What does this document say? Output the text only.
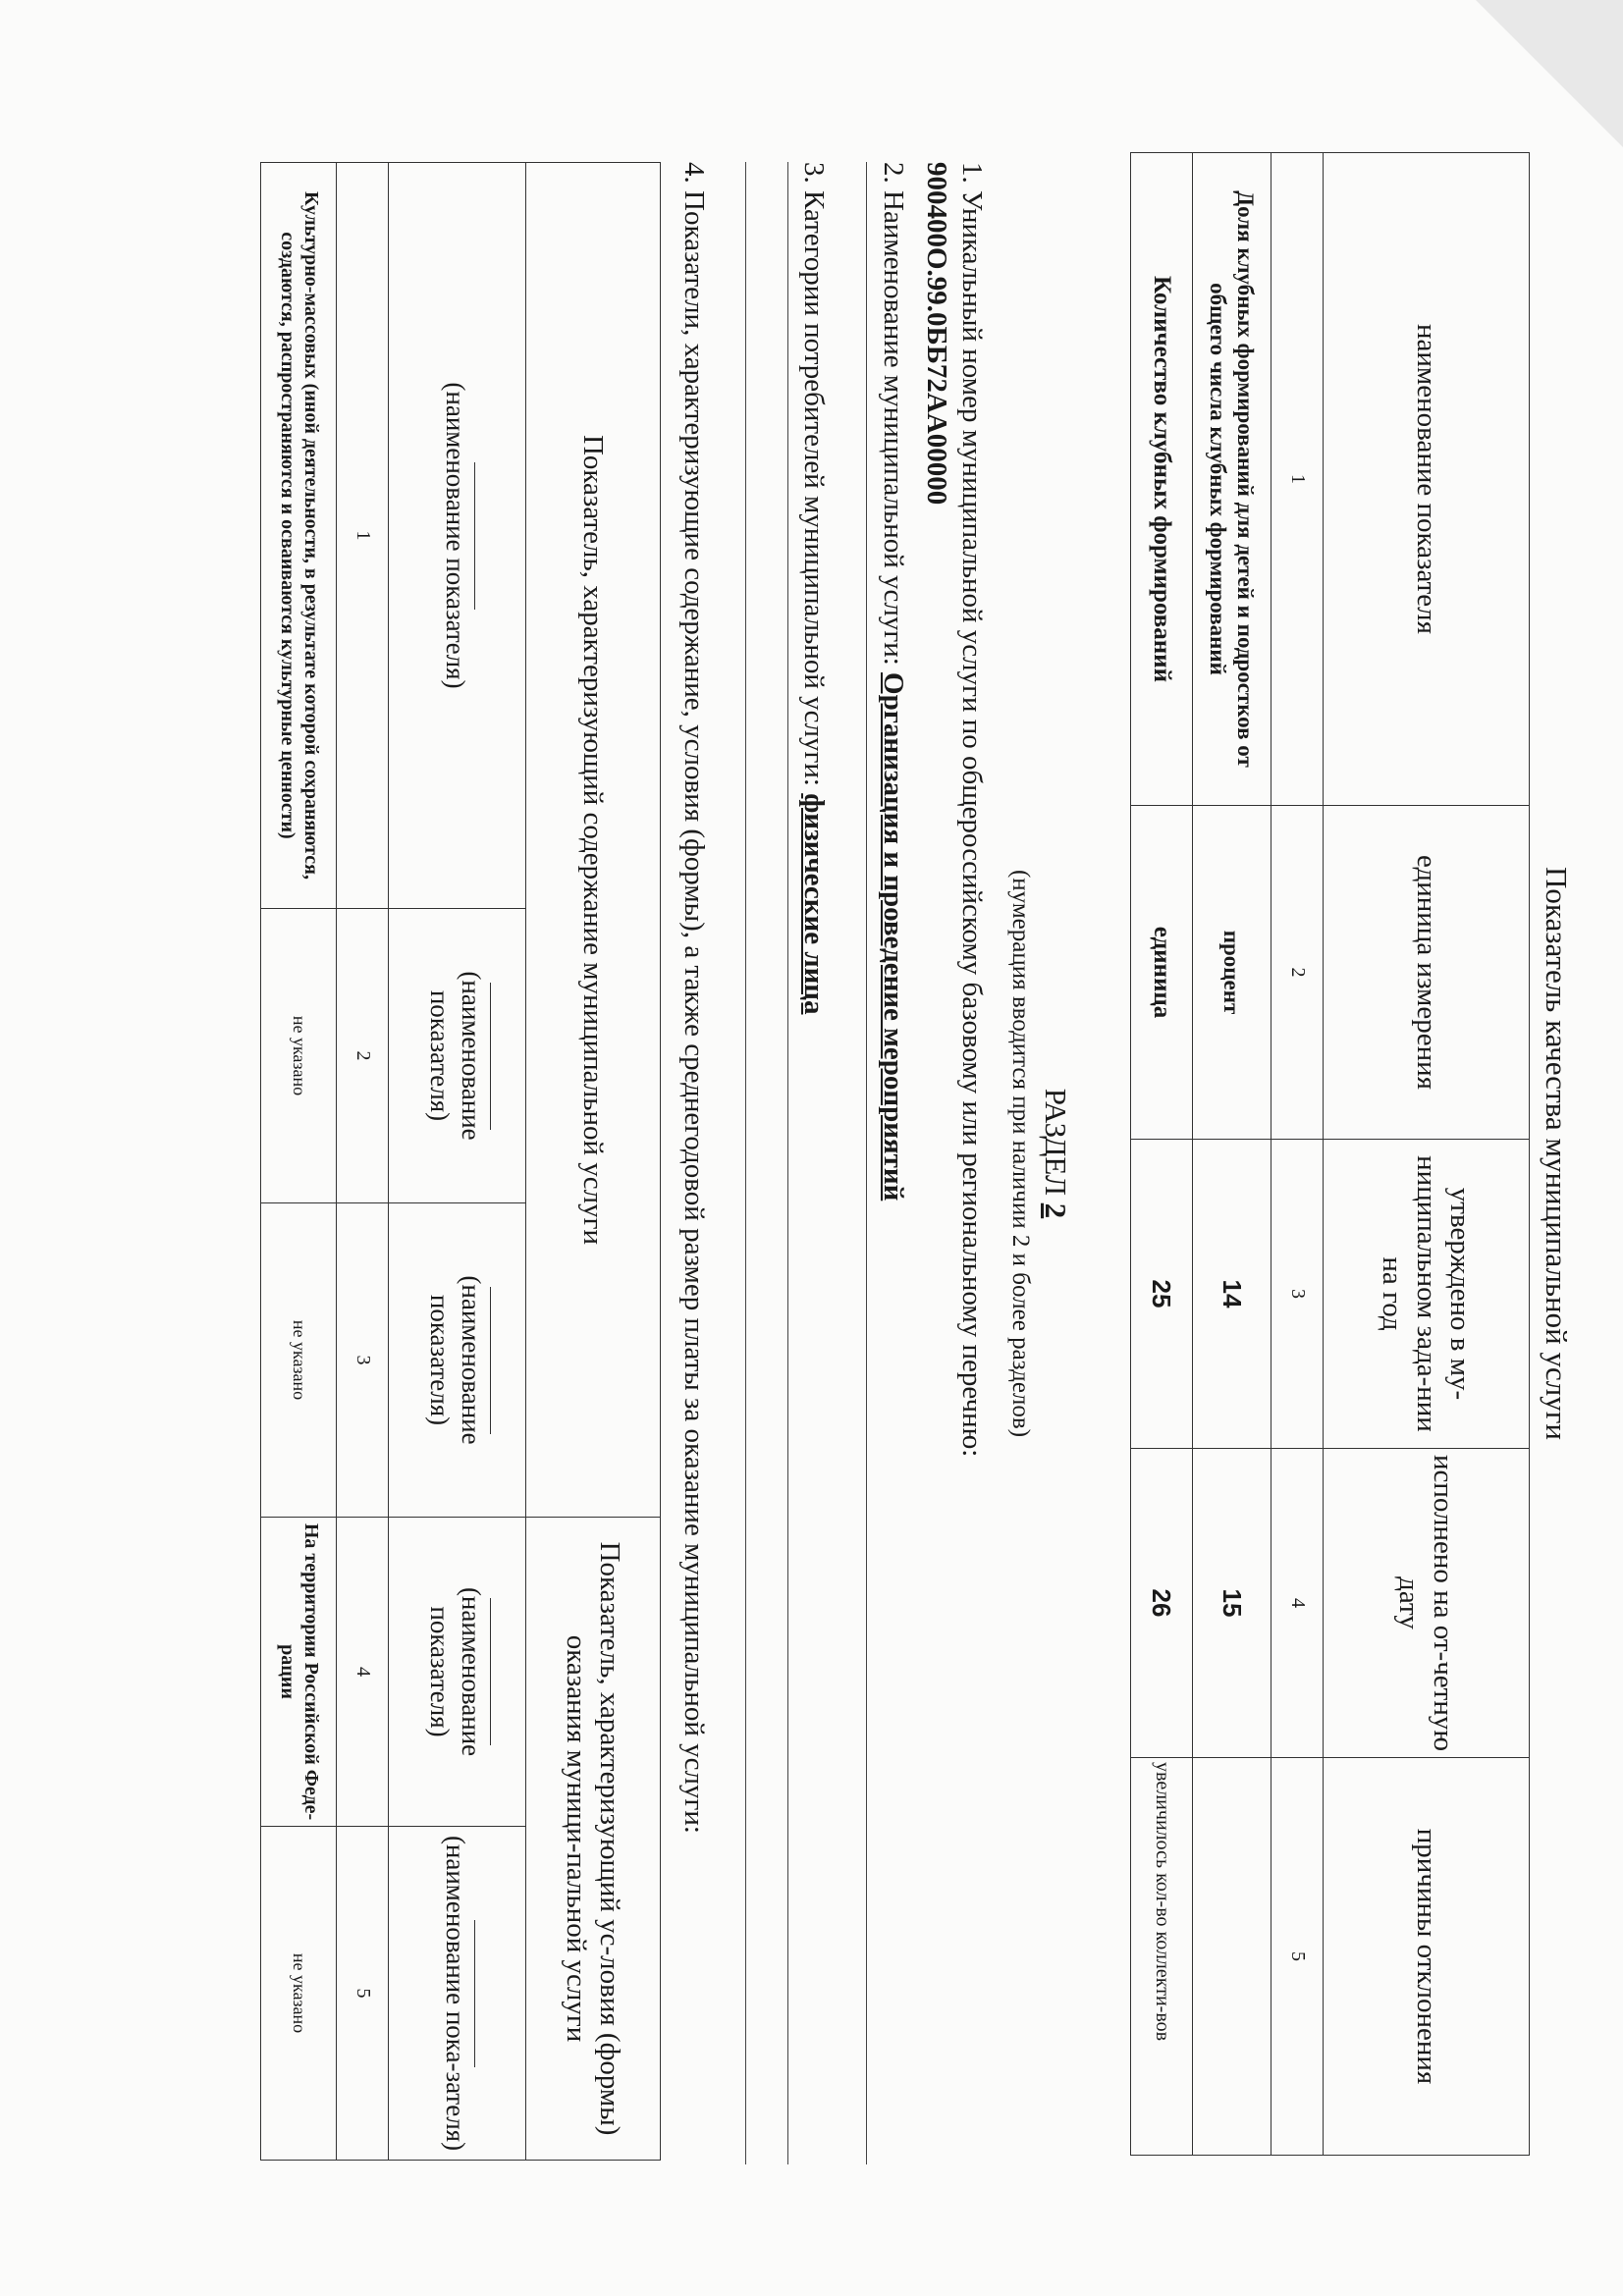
Показатель качества муниципальной услуги
наименование показателя	единица измерения	утверждено в му-ниципальном зада-нии на год	исполнено на от-четную дату	причины отклонения
1	2	3	4	5
Доля клубных формирований для детей и подростков от общего числа клубных формирований	процент	14	15	
Количество клубных формирований	единица	25	26	увеличилось кол-во коллекти-вов
РАЗДЕЛ 2
(нумерация вводится при наличии 2 и более разделов)
1. Уникальный номер муниципальной услуги по общероссийскому базовому или региональному перечню:
900400О.99.0ББ72АА00000
2. Наименование муниципальной услуги: Организация и проведение мероприятий
3. Категории потребителей муниципальной услуги: физические лица
4. Показатели, характеризующие содержание, условия (формы), а также среднегодовой размер платы за оказание муниципальной услуги:
Показатель, характеризующий содержание муниципальной услуги			Показатель, характеризующий ус-ловия (формы) оказания муници-пальной услуги	

(наименование показателя)	(наименование показателя)	(наименование показателя)	(наименование показателя)	(наименование пока-зателя)
1	2	3	4	5
Культурно-массовых (иной деятельности, в результате которой сохраняются, создаются, распространяются и осваиваются культурные ценности)	не указано	не указано	На территории Российской Феде-рации	не указано
